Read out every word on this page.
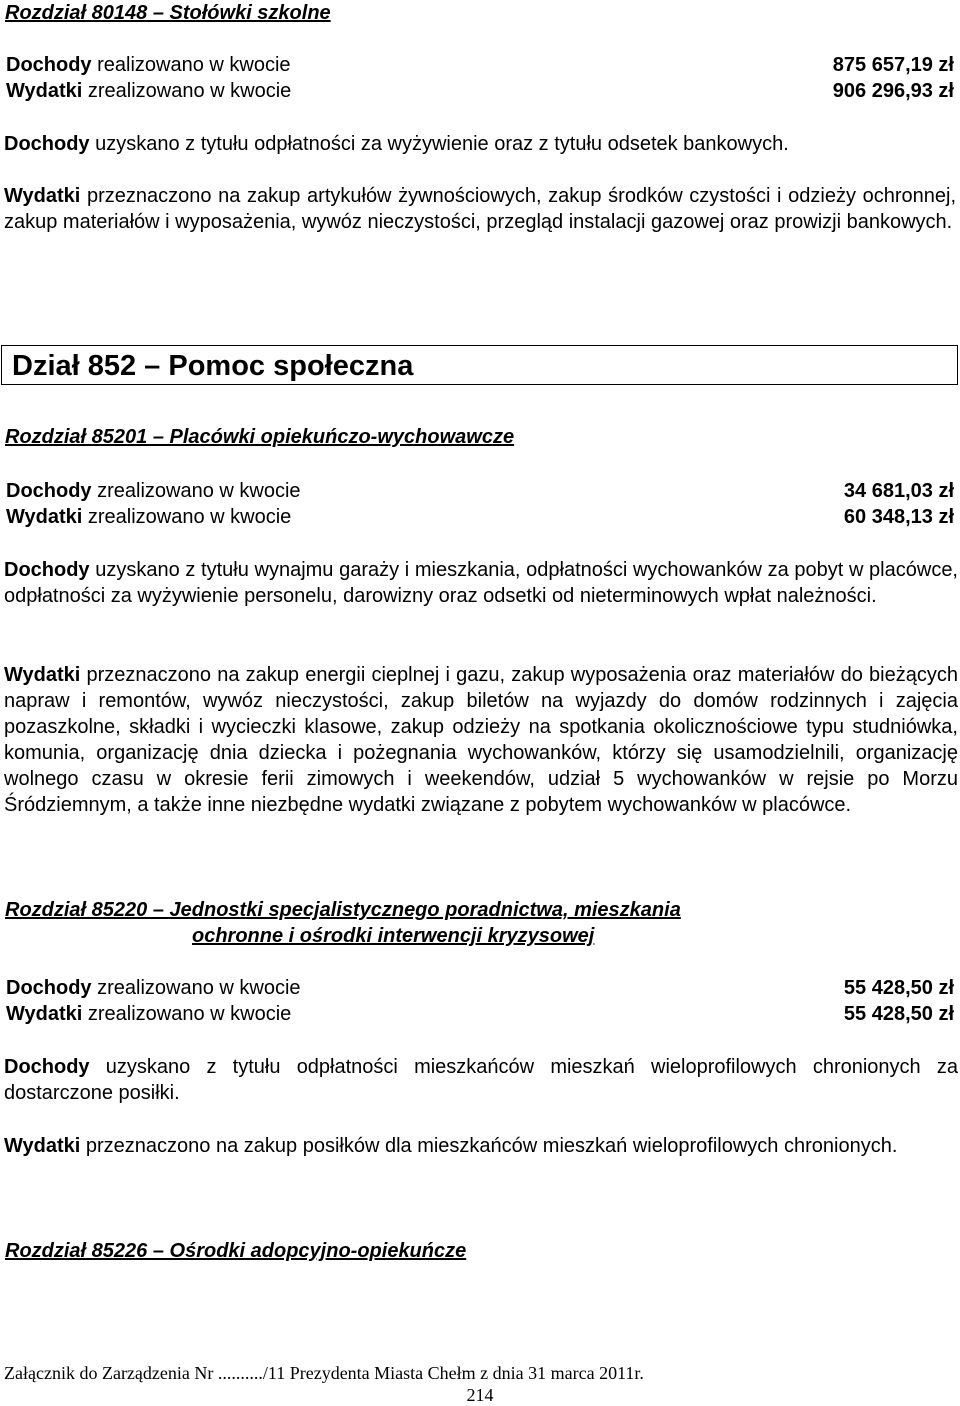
Rozdział 80148 – Stołówki szkolne
Dochody realizowano w kwocie	875 657,19 zł
Wydatki zrealizowano w kwocie	906 296,93 zł
Dochody uzyskano z tytułu odpłatności za wyżywienie oraz z tytułu odsetek bankowych.
Wydatki przeznaczono na zakup artykułów żywnościowych, zakup środków czystości i odzieży ochronnej, zakup materiałów i wyposażenia, wywóz nieczystości, przegląd instalacji gazowej oraz prowizji bankowych.
Dział 852 – Pomoc społeczna
Rozdział 85201 – Placówki opiekuńczo-wychowawcze
Dochody zrealizowano w kwocie	34 681,03 zł
Wydatki zrealizowano w kwocie	60 348,13 zł
Dochody uzyskano z tytułu wynajmu garaży i mieszkania, odpłatności wychowanków za pobyt w placówce, odpłatności za wyżywienie personelu, darowizny oraz odsetki od nieterminowych wpłat należności.
Wydatki przeznaczono na zakup energii cieplnej i gazu, zakup wyposażenia oraz materiałów do bieżących napraw i remontów, wywóz nieczystości, zakup biletów na wyjazdy do domów rodzinnych i zajęcia pozaszkolne, składki i wycieczki klasowe, zakup odzieży na spotkania okolicznościowe typu studniówka, komunia, organizację dnia dziecka i pożegnania wychowanków, którzy się usamodzielnili, organizację wolnego czasu w okresie ferii zimowych i weekendów, udział 5 wychowanków w rejsie po Morzu Śródziemnym, a także inne niezbędne wydatki związane z pobytem wychowanków w placówce.
Rozdział 85220 – Jednostki specjalistycznego poradnictwa, mieszkania
ochronne i ośrodki interwencji kryzysowej
Dochody zrealizowano w kwocie	55 428,50 zł
Wydatki zrealizowano w kwocie	55 428,50 zł
Dochody uzyskano z tytułu odpłatności mieszkańców mieszkań wieloprofilowych chronionych za dostarczone posiłki.
Wydatki przeznaczono na zakup posiłków dla mieszkańców mieszkań wieloprofilowych chronionych.
Rozdział 85226 – Ośrodki adopcyjno-opiekuńcze
Załącznik do Zarządzenia Nr ........../11 Prezydenta Miasta Chełm z dnia 31 marca 2011r.
214
